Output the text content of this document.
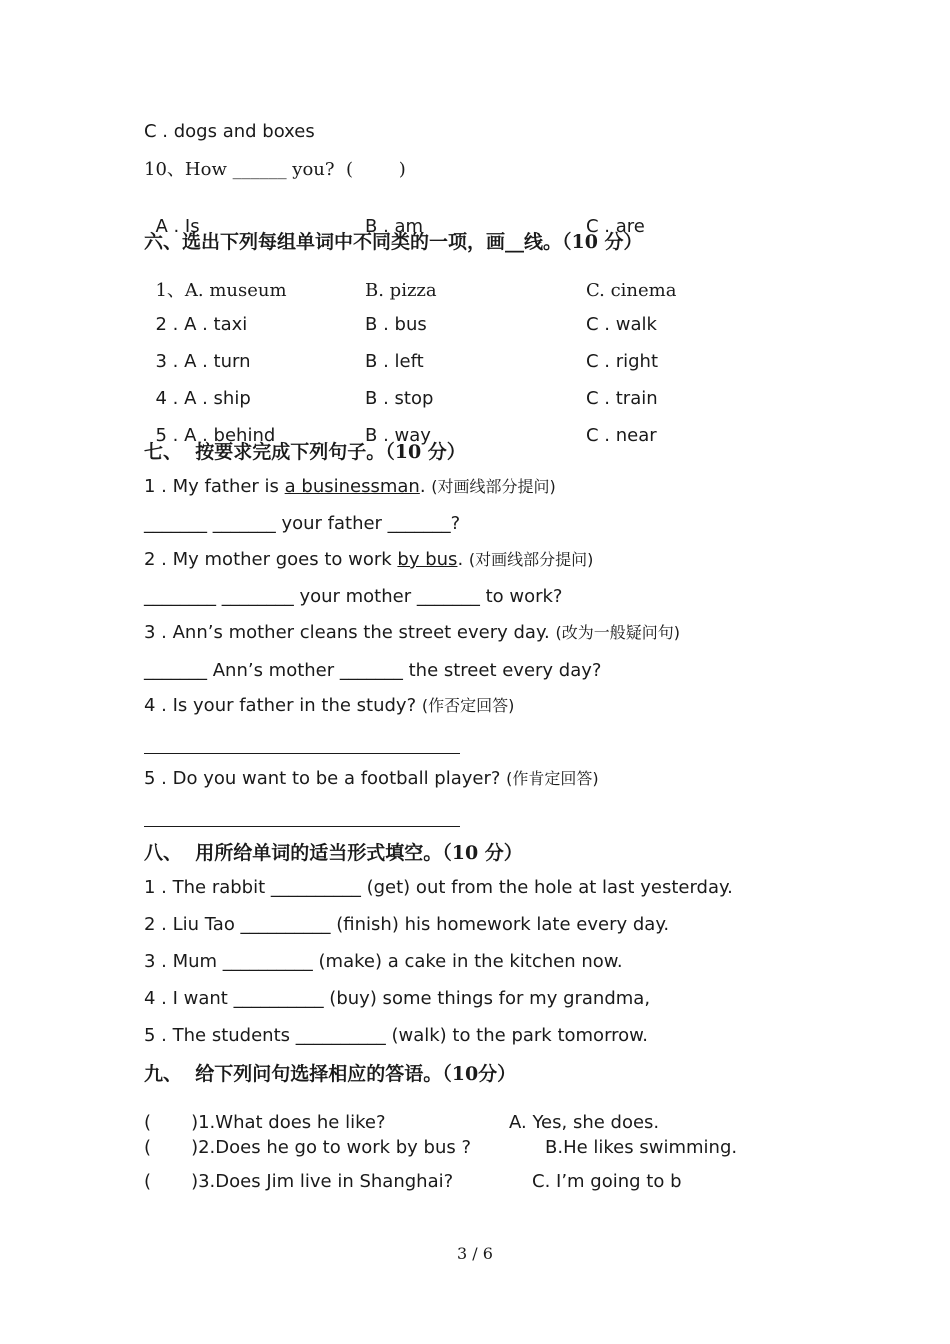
C . dogs and boxes
10、How ______ you?  (        )

A . Is	B . am	C . are

六、选出下列每组单词中不同类的一项，画__线。（10 分）

1、A. museum	B. pizza	C. cinema

2 . A . taxi	B . bus	C . walk

3 . A . turn	B . left	C . right

4 . A . ship	B . stop	C . train

5 . A . behind	B . way	C . near

七、  按要求完成下列句子。（10 分）
1 . My father is a businessman. (对画线部分提问)
_______ _______ your father _______?
2 . My mother goes to work by bus. (对画线部分提问)
________ ________ your mother _______ to work?
3 . Ann’s mother cleans the street every day. (改为一般疑问句)
_______ Ann’s mother _______ the street every day?
4 . Is your father in the study? (作否定回答)
5 . Do you want to be a football player? (作肯定回答)
八、  用所给单词的适当形式填空。（10 分）
1 . The rabbit __________ (get) out from the hole at last yesterday.
2 . Liu Tao __________ (finish) his homework late every day.
3 . Mum __________ (make) a cake in the kitchen now.
4 . I want __________ (buy) some things for my grandma,
5 . The students __________ (walk) to the park tomorrow.
九、  给下列问句选择相应的答语。（10分）
(       )1.What does he like?	A. Yes, she does.
(       )2.Does he go to work by bus ?	B.He likes swimming.
(       )3.Does Jim live in Shanghai?	C. I’m going to b
3 / 6
